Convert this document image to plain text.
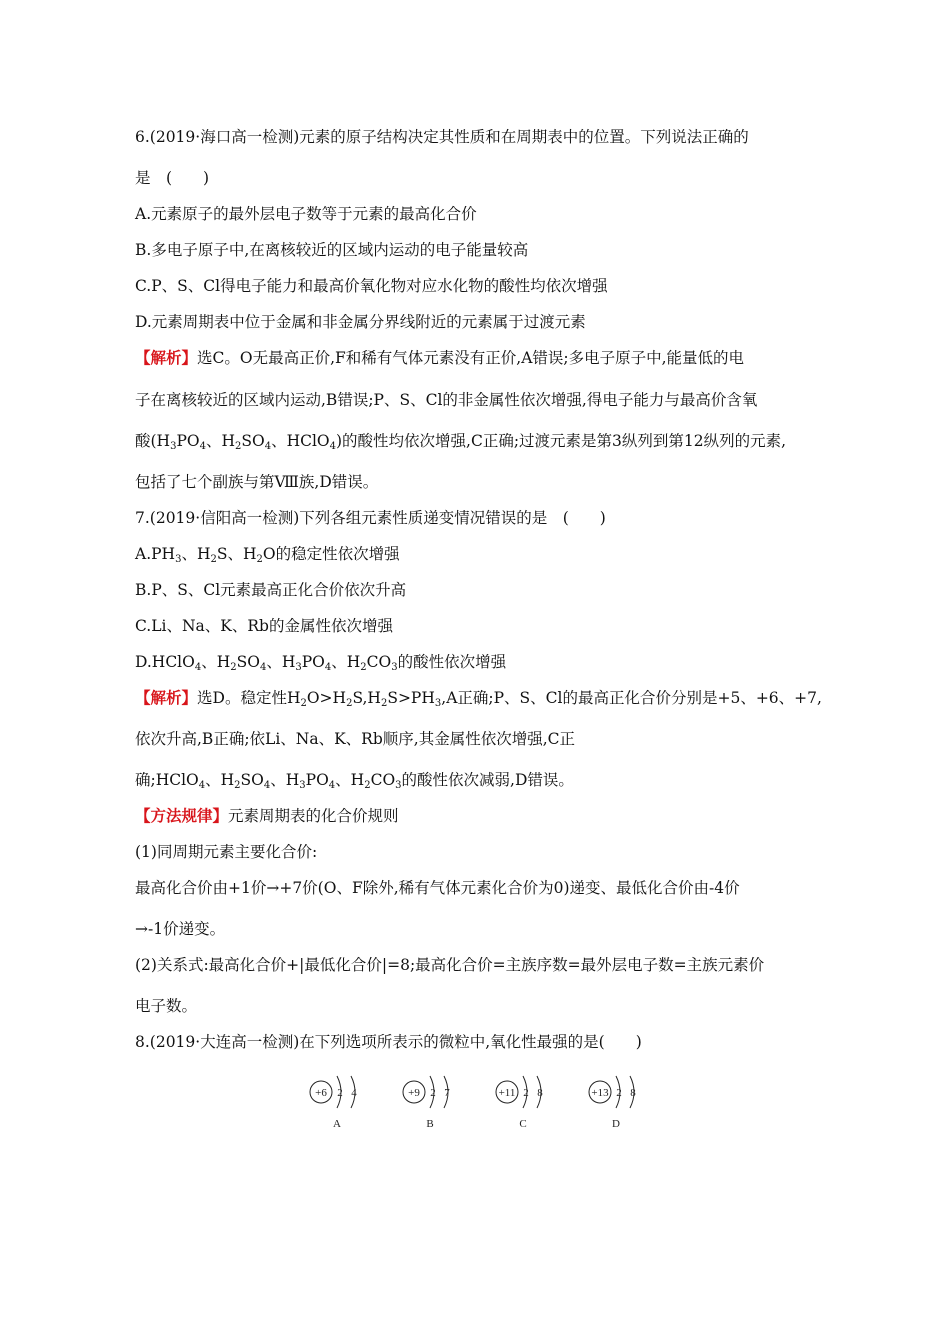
6.(2019·海口高一检测)元素的原子结构决定其性质和在周期表中的位置。下列说法正确的
是　(　　)
A.元素原子的最外层电子数等于元素的最高化合价
B.多电子原子中,在离核较近的区域内运动的电子能量较高
C.P、S、Cl得电子能力和最高价氧化物对应水化物的酸性均依次增强
D.元素周期表中位于金属和非金属分界线附近的元素属于过渡元素
【解析】选C。O无最高正价,F和稀有气体元素没有正价,A错误;多电子原子中,能量低的电
子在离核较近的区域内运动,B错误;P、S、Cl的非金属性依次增强,得电子能力与最高价含氧
酸($H_3PO_4$、$H_2SO_4$、HClO$_4$)的酸性均依次增强,C正确;过渡元素是第3纵列到第12纵列的元素,
包括了七个副族与第Ⅷ族,D错误。
7.(2019·信阳高一检测)下列各组元素性质递变情况错误的是　(　　)
$A.PH_3$、$H_2S$、$H_2O$的稳定性依次增强
B.P、S、Cl元素最高正化合价依次升高
C.Li、Na、K、Rb的金属性依次增强
D.HClO$_4$、$H_2SO_4$、$H_3PO_4$、$H_2CO_3$的酸性依次增强
【解析】选D。稳定性$H_2O>H_2S,H_2S>PH_3,A$正确;P、S、Cl的最高正化合价分别是+5、+6、+7,
依次升高,B正确;依Li、Na、K、Rb顺序,其金属性依次增强,C正
确;HClO$_4$、$H_2SO_4$、$H_3PO_4$、$H_2CO_3$的酸性依次减弱,D错误。
【方法规律】元素周期表的化合价规则
(1)同周期元素主要化合价:
最高化合价由+1价→+7价(O、F除外,稀有气体元素化合价为0)递变、最低化合价由-4价
→-1价递变。
(2)关系式:最高化合价+|最低化合价|=8;最高化合价=主族序数=最外层电子数=主族元素价
电子数。
8.(2019·大连高一检测)在下列选项所表示的微粒中,氧化性最强的是(　　)
+6 2 4
A
+9 2 7
B
+11 2 8
C
+13 2 8
D
